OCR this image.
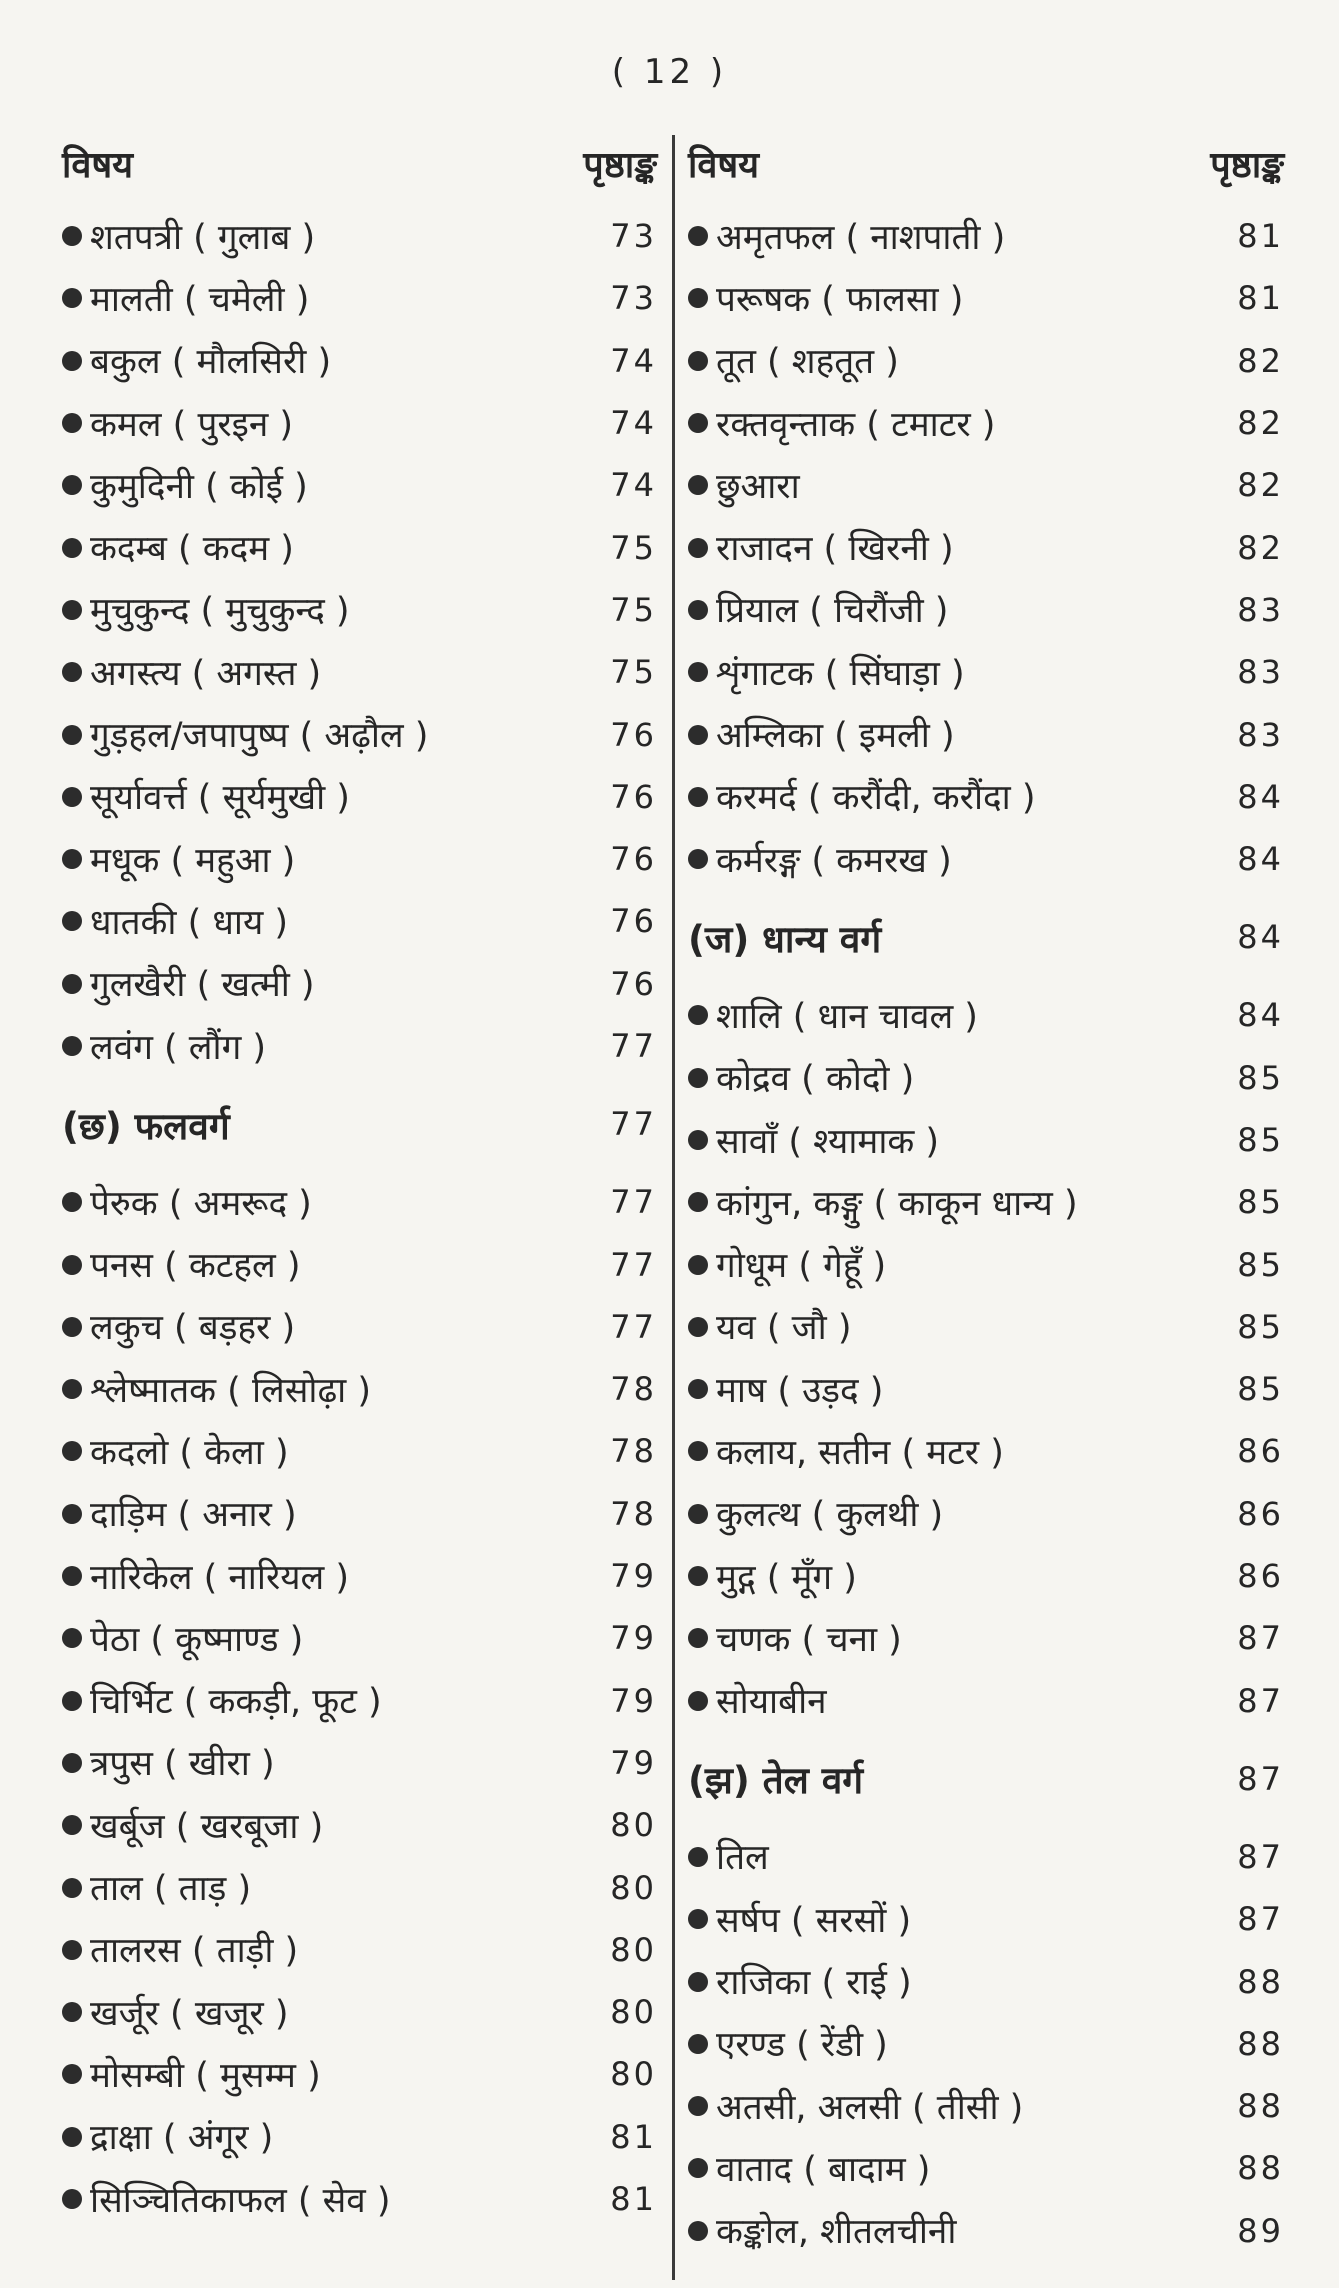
( 12 )
विषय	पृष्ठाङ्क
शतपत्री ( गुलाब )	73
मालती ( चमेली )	73
बकुल ( मौलसिरी )	74
कमल ( पुरइन )	74
कुमुदिनी ( कोई )	74
कदम्ब ( कदम )	75
मुचुकुन्द ( मुचुकुन्द )	75
अगस्त्य ( अगस्त )	75
गुड़हल/जपापुष्प ( अढ़ौल )	76
सूर्यावर्त्त ( सूर्यमुखी )	76
मधूक ( महुआ )	76
धातकी ( धाय )	76
गुलखैरी ( खत्मी )	76
लवंग ( लौंग )	77
(छ) फलवर्ग	77
पेरुक ( अमरूद )	77
पनस ( कटहल )	77
लकुच ( बड़हर )	77
श्लेष्मातक ( लिसोढ़ा )	78
कदलो ( केला )	78
दाड़िम ( अनार )	78
नारिकेल ( नारियल )	79
पेठा ( कूष्माण्ड )	79
चिर्भिट ( ककड़ी, फूट )	79
त्रपुस ( खीरा )	79
खर्बूज ( खरबूजा )	80
ताल ( ताड़ )	80
तालरस ( ताड़ी )	80
खर्जूर ( खजूर )	80
मोसम्बी ( मुसम्म )	80
द्राक्षा ( अंगूर )	81
सिञ्चितिकाफल ( सेव )	81
विषय	पृष्ठाङ्क
अमृतफल ( नाशपाती )	81
परूषक ( फालसा )	81
तूत ( शहतूत )	82
रक्तवृन्ताक ( टमाटर )	82
छुआरा	82
राजादन ( खिरनी )	82
प्रियाल ( चिरौंजी )	83
शृंगाटक ( सिंघाड़ा )	83
अम्लिका ( इमली )	83
करमर्द ( करौंदी, करौंदा )	84
कर्मरङ्ग ( कमरख )	84
(ज) धान्य वर्ग	84
शालि ( धान चावल )	84
कोद्रव ( कोदो )	85
सावाँ ( श्यामाक )	85
कांगुन, कङ्गु ( काकून धान्य )	85
गोधूम ( गेहूँ )	85
यव ( जौ )	85
माष ( उड़द )	85
कलाय, सतीन ( मटर )	86
कुलत्थ ( कुलथी )	86
मुद्ग ( मूँग )	86
चणक ( चना )	87
सोयाबीन	87
(झ) तेल वर्ग	87
तिल	87
सर्षप ( सरसों )	87
राजिका ( राई )	88
एरण्ड ( रेंडी )	88
अतसी, अलसी ( तीसी )	88
वाताद ( बादाम )	88
कङ्कोल, शीतलचीनी	89
